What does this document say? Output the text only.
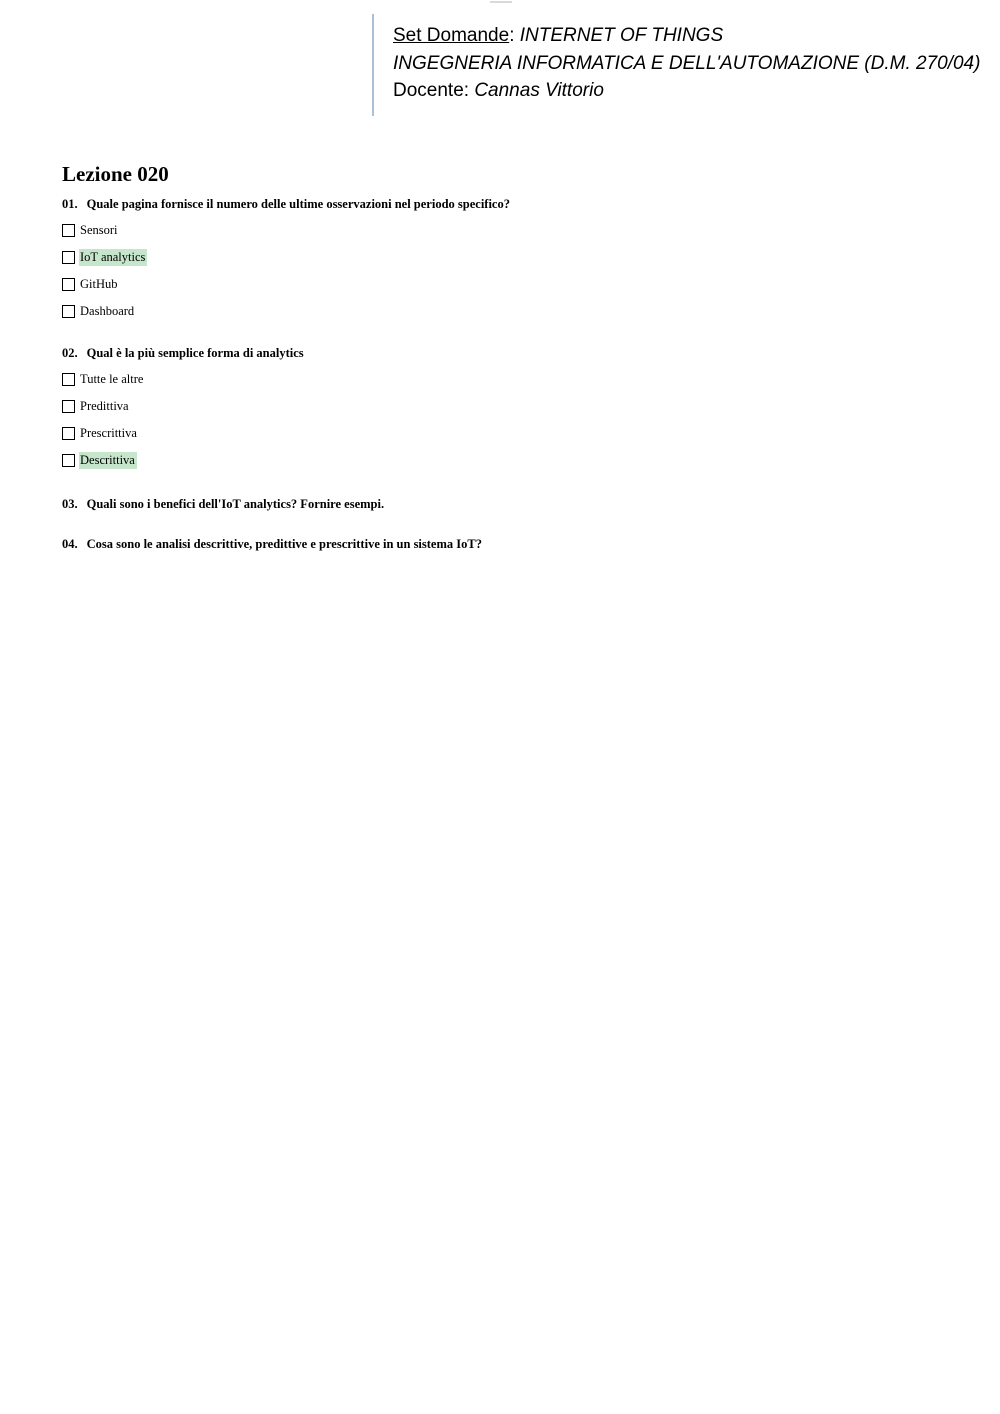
Set Domande: INTERNET OF THINGS
INGEGNERIA INFORMATICA E DELL'AUTOMAZIONE (D.M. 270/04)
Docente: Cannas Vittorio
Lezione 020
01. Quale pagina fornisce il numero delle ultime osservazioni nel periodo specifico?
Sensori
IoT analytics
GitHub
Dashboard
02. Qual è la più semplice forma di analytics
Tutte le altre
Predittiva
Prescrittiva
Descrittiva
03. Quali sono i benefici dell'IoT analytics? Fornire esempi.
04. Cosa sono le analisi descrittive, predittive e prescrittive in un sistema IoT?
